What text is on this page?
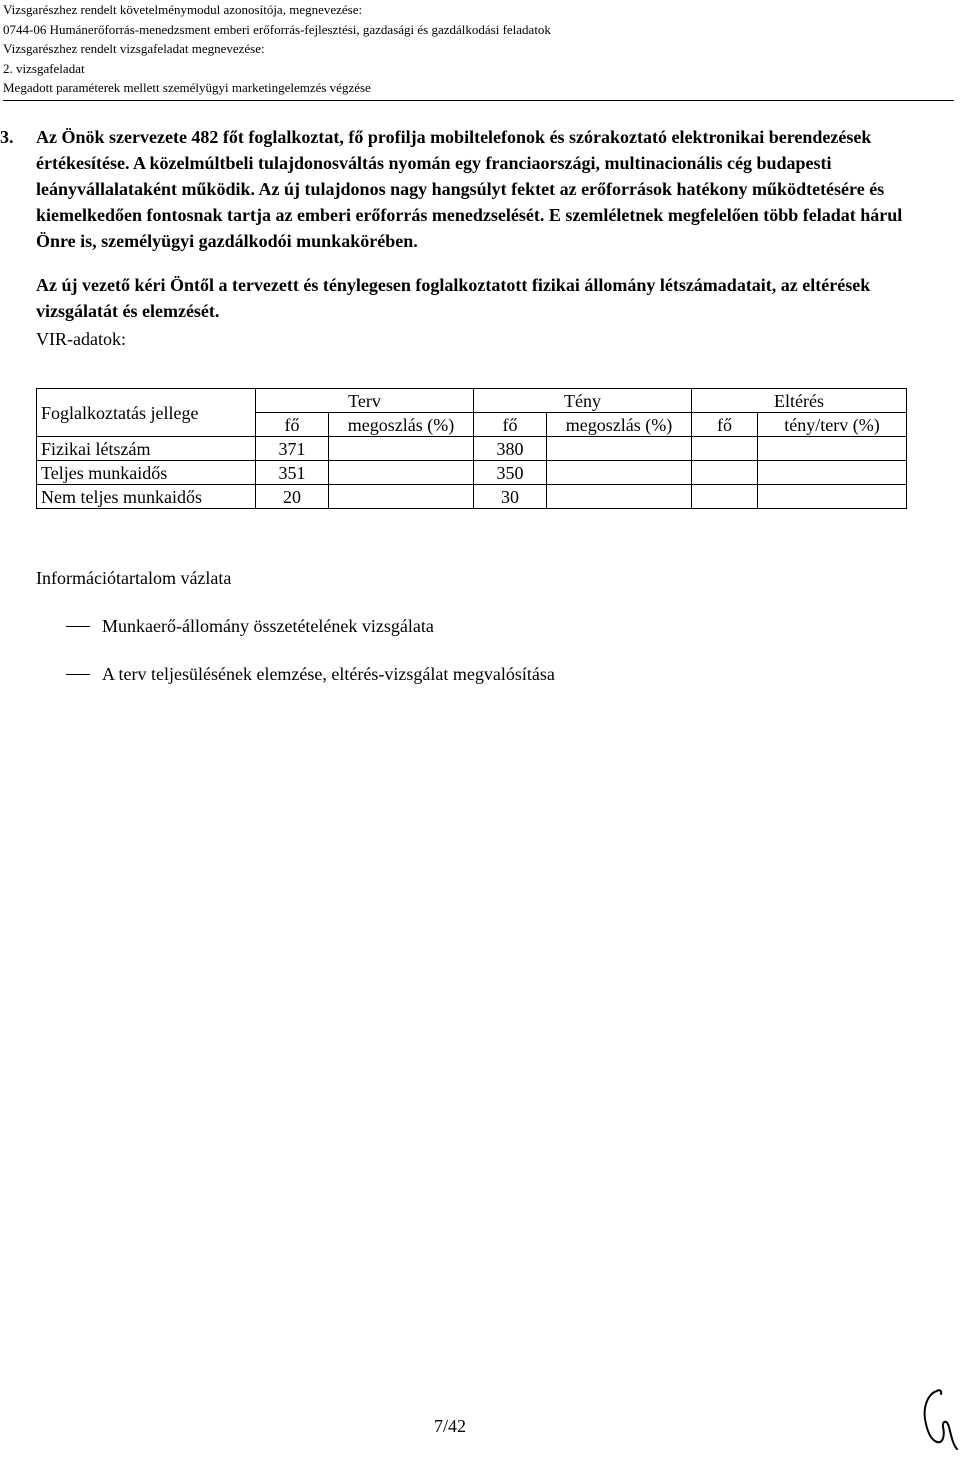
Vizsgarészhez rendelt követelménymodul azonosítója, megnevezése:
0744-06 Humánerőforrás-menedzsment emberi erőforrás-fejlesztési, gazdasági és gazdálkodási feladatok
Vizsgarészhez rendelt vizsgafeladat megnevezése:
2. vizsgafeladat
Megadott paraméterek mellett személyügyi marketingelemzés végzése
3. Az Önök szervezete 482 főt foglalkoztat, fő profilja mobiltelefonok és szórakoztató elektronikai berendezések értékesítése. A közelmúltbeli tulajdonosváltás nyomán egy franciaországi, multinacionális cég budapesti leányvállalataként működik. Az új tulajdonos nagy hangsúlyt fektet az erőforrások hatékony működtetésére és kiemelkedően fontosnak tartja az emberi erőforrás menedzselését. E szemléletnek megfelelően több feladat hárul Önre is, személyügyi gazdálkodói munkakörében.

Az új vezető kéri Öntől a tervezett és ténylegesen foglalkoztatott fizikai állomány létszámadatait, az eltérések vizsgálatát és elemzését.

VIR-adatok:

Foglalkoztatás jellege	Terv		Tény		Eltérés	
	fő	megoszlás (%)	fő	megoszlás (%)	fő	tény/terv (%)
Fizikai létszám	371		380			
Teljes munkaidős	351		350			
Nem teljes munkaidős	20		30			
Információtartalom vázlata
Munkaerő-állomány összetételének vizsgálata
A terv teljesülésének elemzése, eltérés-vizsgálat megvalósítása
7/42
